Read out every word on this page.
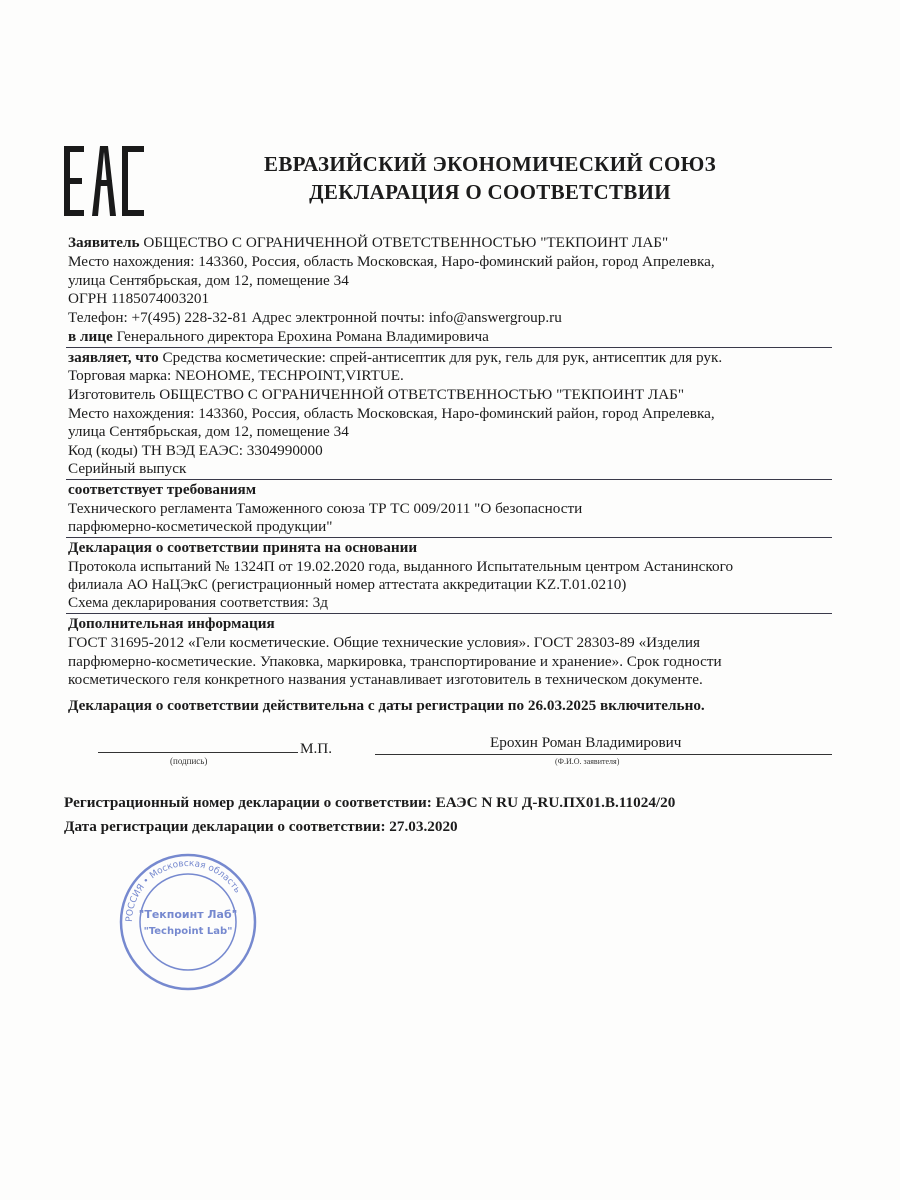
ЕВРАЗИЙСКИЙ ЭКОНОМИЧЕСКИЙ СОЮЗ
ДЕКЛАРАЦИЯ О СООТВЕТСТВИИ
Заявитель ОБЩЕСТВО С ОГРАНИЧЕННОЙ ОТВЕТСТВЕННОСТЬЮ "ТЕКПОИНТ ЛАБ"
Место нахождения: 143360, Россия, область Московская, Наро-фоминский район, город Апрелевка,
улица Сентябрьская, дом 12, помещение 34
ОГРН 1185074003201
Телефон: +7(495) 228-32-81 Адрес электронной почты: info@answergroup.ru
в лице Генерального директора Ерохина Романа Владимировича
заявляет, что Средства косметические: спрей-антисептик для рук, гель для рук, антисептик для рук.
Торговая марка: NEOHOME, TECHPOINT,VIRTUE.
Изготовитель ОБЩЕСТВО С ОГРАНИЧЕННОЙ ОТВЕТСТВЕННОСТЬЮ "ТЕКПОИНТ ЛАБ"
Место нахождения: 143360, Россия, область Московская, Наро-фоминский район, город Апрелевка,
улица Сентябрьская, дом 12, помещение 34
Код (коды) ТН ВЭД ЕАЭС: 3304990000
Серийный выпуск
соответствует требованиям
Технического регламента Таможенного союза ТР ТС 009/2011 "О безопасности
парфюмерно-косметической продукции"
Декларация о соответствии принята на основании
Протокола испытаний № 1324П от 19.02.2020 года, выданного Испытательным центром Астанинского
филиала АО НаЦЭкС (регистрационный номер аттестата аккредитации KZ.T.01.0210)
Схема декларирования соответствия: 3д
Дополнительная информация
ГОСТ 31695-2012 «Гели косметические. Общие технические условия». ГОСТ 28303-89 «Изделия
парфюмерно-косметические. Упаковка, маркировка, транспортирование и хранение». Срок годности
косметического геля конкретного названия устанавливает изготовитель в техническом документе.
Декларация о соответствии действительна с даты регистрации по 26.03.2025 включительно.
М.П.
(подпись)
Ерохин Роман Владимирович
(Ф.И.О. заявителя)
Регистрационный номер декларации о соответствии: ЕАЭС N RU Д-RU.ПХ01.В.11024/20
Дата регистрации декларации о соответствии: 27.03.2020
РОССИЯ • Московская область
"Текпоинт Лаб"
"Techpoint Lab"
